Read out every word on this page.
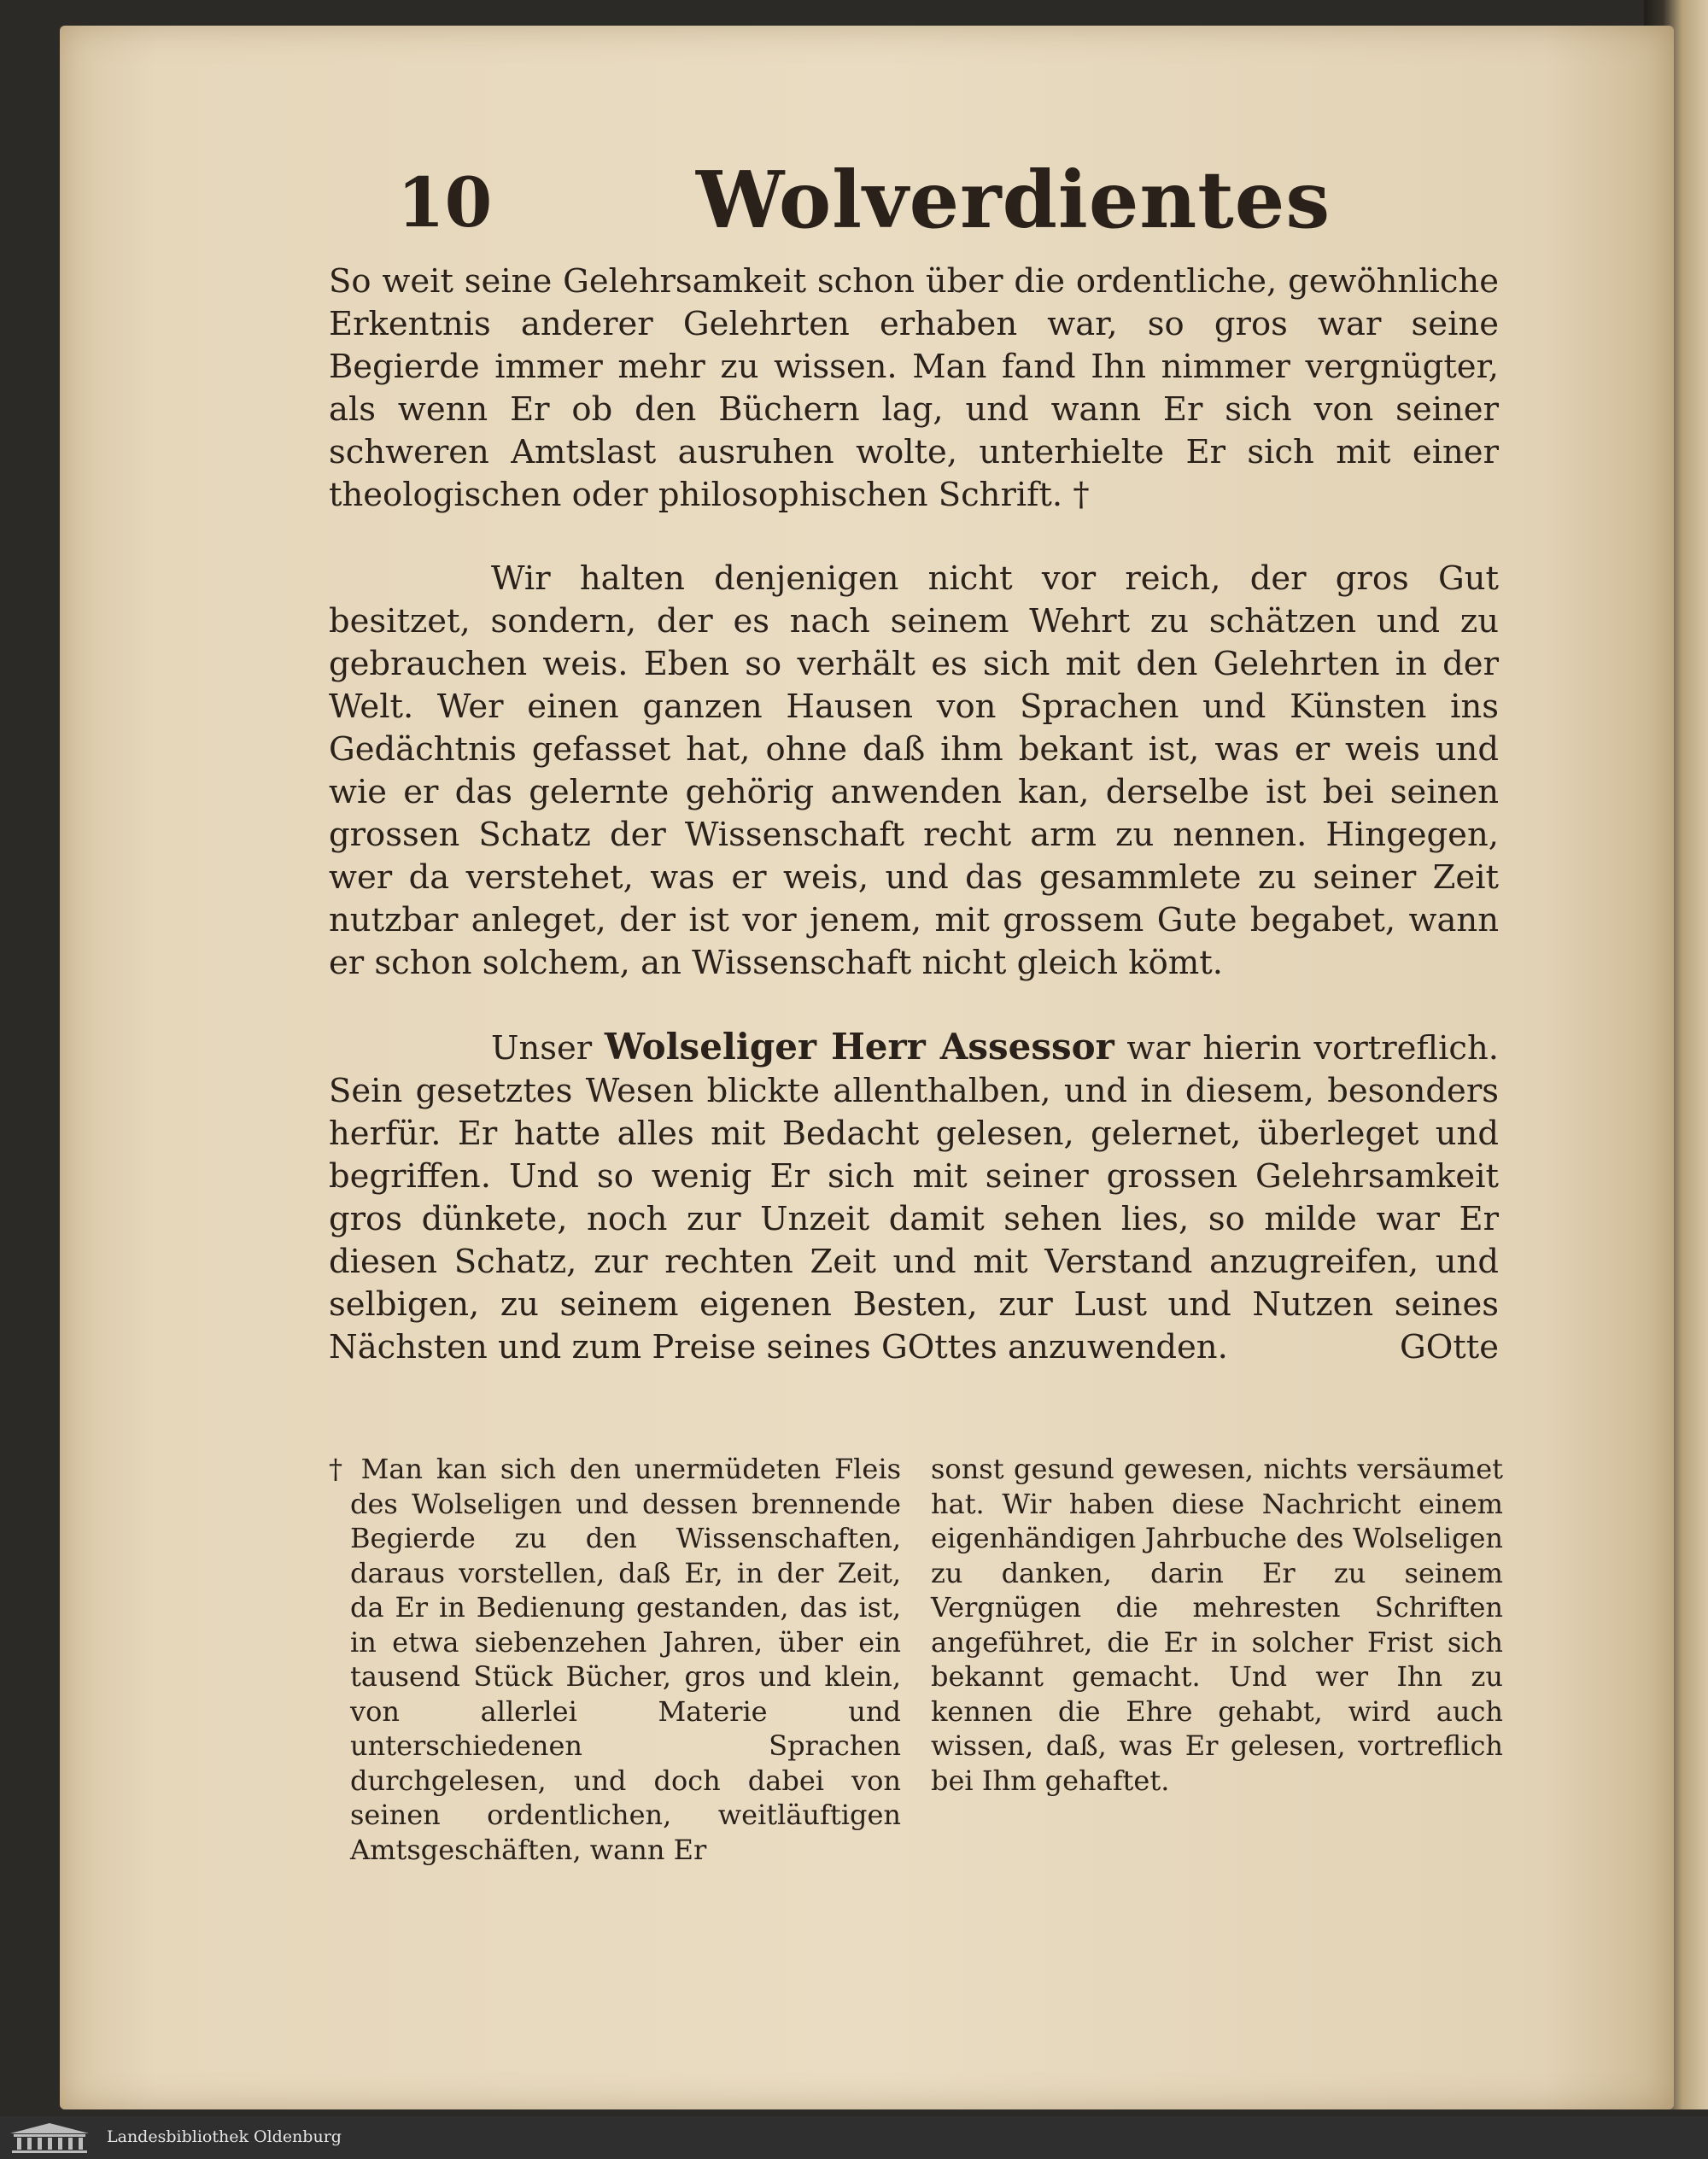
10	Wolverdientes

So weit seine Gelehrsamkeit schon über die ordentliche, gewöhnliche Erkentnis anderer Gelehrten erhaben war, so gros war seine Begierde immer mehr zu wissen. Man fand Ihn nimmer vergnügter, als wenn Er ob den Büchern lag, und wann Er sich von seiner schweren Amtslast ausruhen wolte, unterhielte Er sich mit einer theologischen oder philosophischen Schrift. †

Wir halten denjenigen nicht vor reich, der gros Gut besitzet, sondern, der es nach seinem Wehrt zu schätzen und zu gebrauchen weis. Eben so verhält es sich mit den Gelehrten in der Welt. Wer einen ganzen Hausen von Sprachen und Künsten ins Gedächtnis gefasset hat, ohne daß ihm bekant ist, was er weis und wie er das gelernte gehörig anwenden kan, derselbe ist bei seinen grossen Schatz der Wissenschaft recht arm zu nennen. Hingegen, wer da verstehet, was er weis, und das gesammlete zu seiner Zeit nutzbar anleget, der ist vor jenem, mit grossem Gute begabet, wann er schon solchem, an Wissenschaft nicht gleich kömt.

Unser Wolseliger Herr Assessor war hierin vortreflich. Sein gesetztes Wesen blickte allenthalben, und in diesem, besonders herfür. Er hatte alles mit Bedacht gelesen, gelernet, überleget und begriffen. Und so wenig Er sich mit seiner grossen Gelehrsamkeit gros dünkete, noch zur Unzeit damit sehen lies, so milde war Er diesen Schatz, zur rechten Zeit und mit Verstand anzugreifen, und selbigen, zu seinem eigenen Besten, zur Lust und Nutzen seines Nächsten und zum Preise seines GOttes anzuwenden.	GOtte

† Man kan sich den unermüdeten Fleis des Wolseligen und dessen brennende Begierde zu den Wissenschaften, daraus vorstellen, daß Er, in der Zeit, da Er in Bedienung gestanden, das ist, in etwa siebenzehen Jahren, über ein tausend Stück Bücher, gros und klein, von allerlei Materie und unterschiedenen Sprachen durchgelesen, und doch dabei von seinen ordentlichen, weitläuftigen Amtsgeschäften, wann Er
sonst gesund gewesen, nichts versäumet hat. Wir haben diese Nachricht einem eigenhändigen Jahrbuche des Wolseligen zu danken, darin Er zu seinem Vergnügen die mehresten Schriften angeführet, die Er in solcher Frist sich bekannt gemacht. Und wer Ihn zu kennen die Ehre gehabt, wird auch wissen, daß, was Er gelesen, vortreflich bei Ihm gehaftet.
Landesbibliothek Oldenburg
